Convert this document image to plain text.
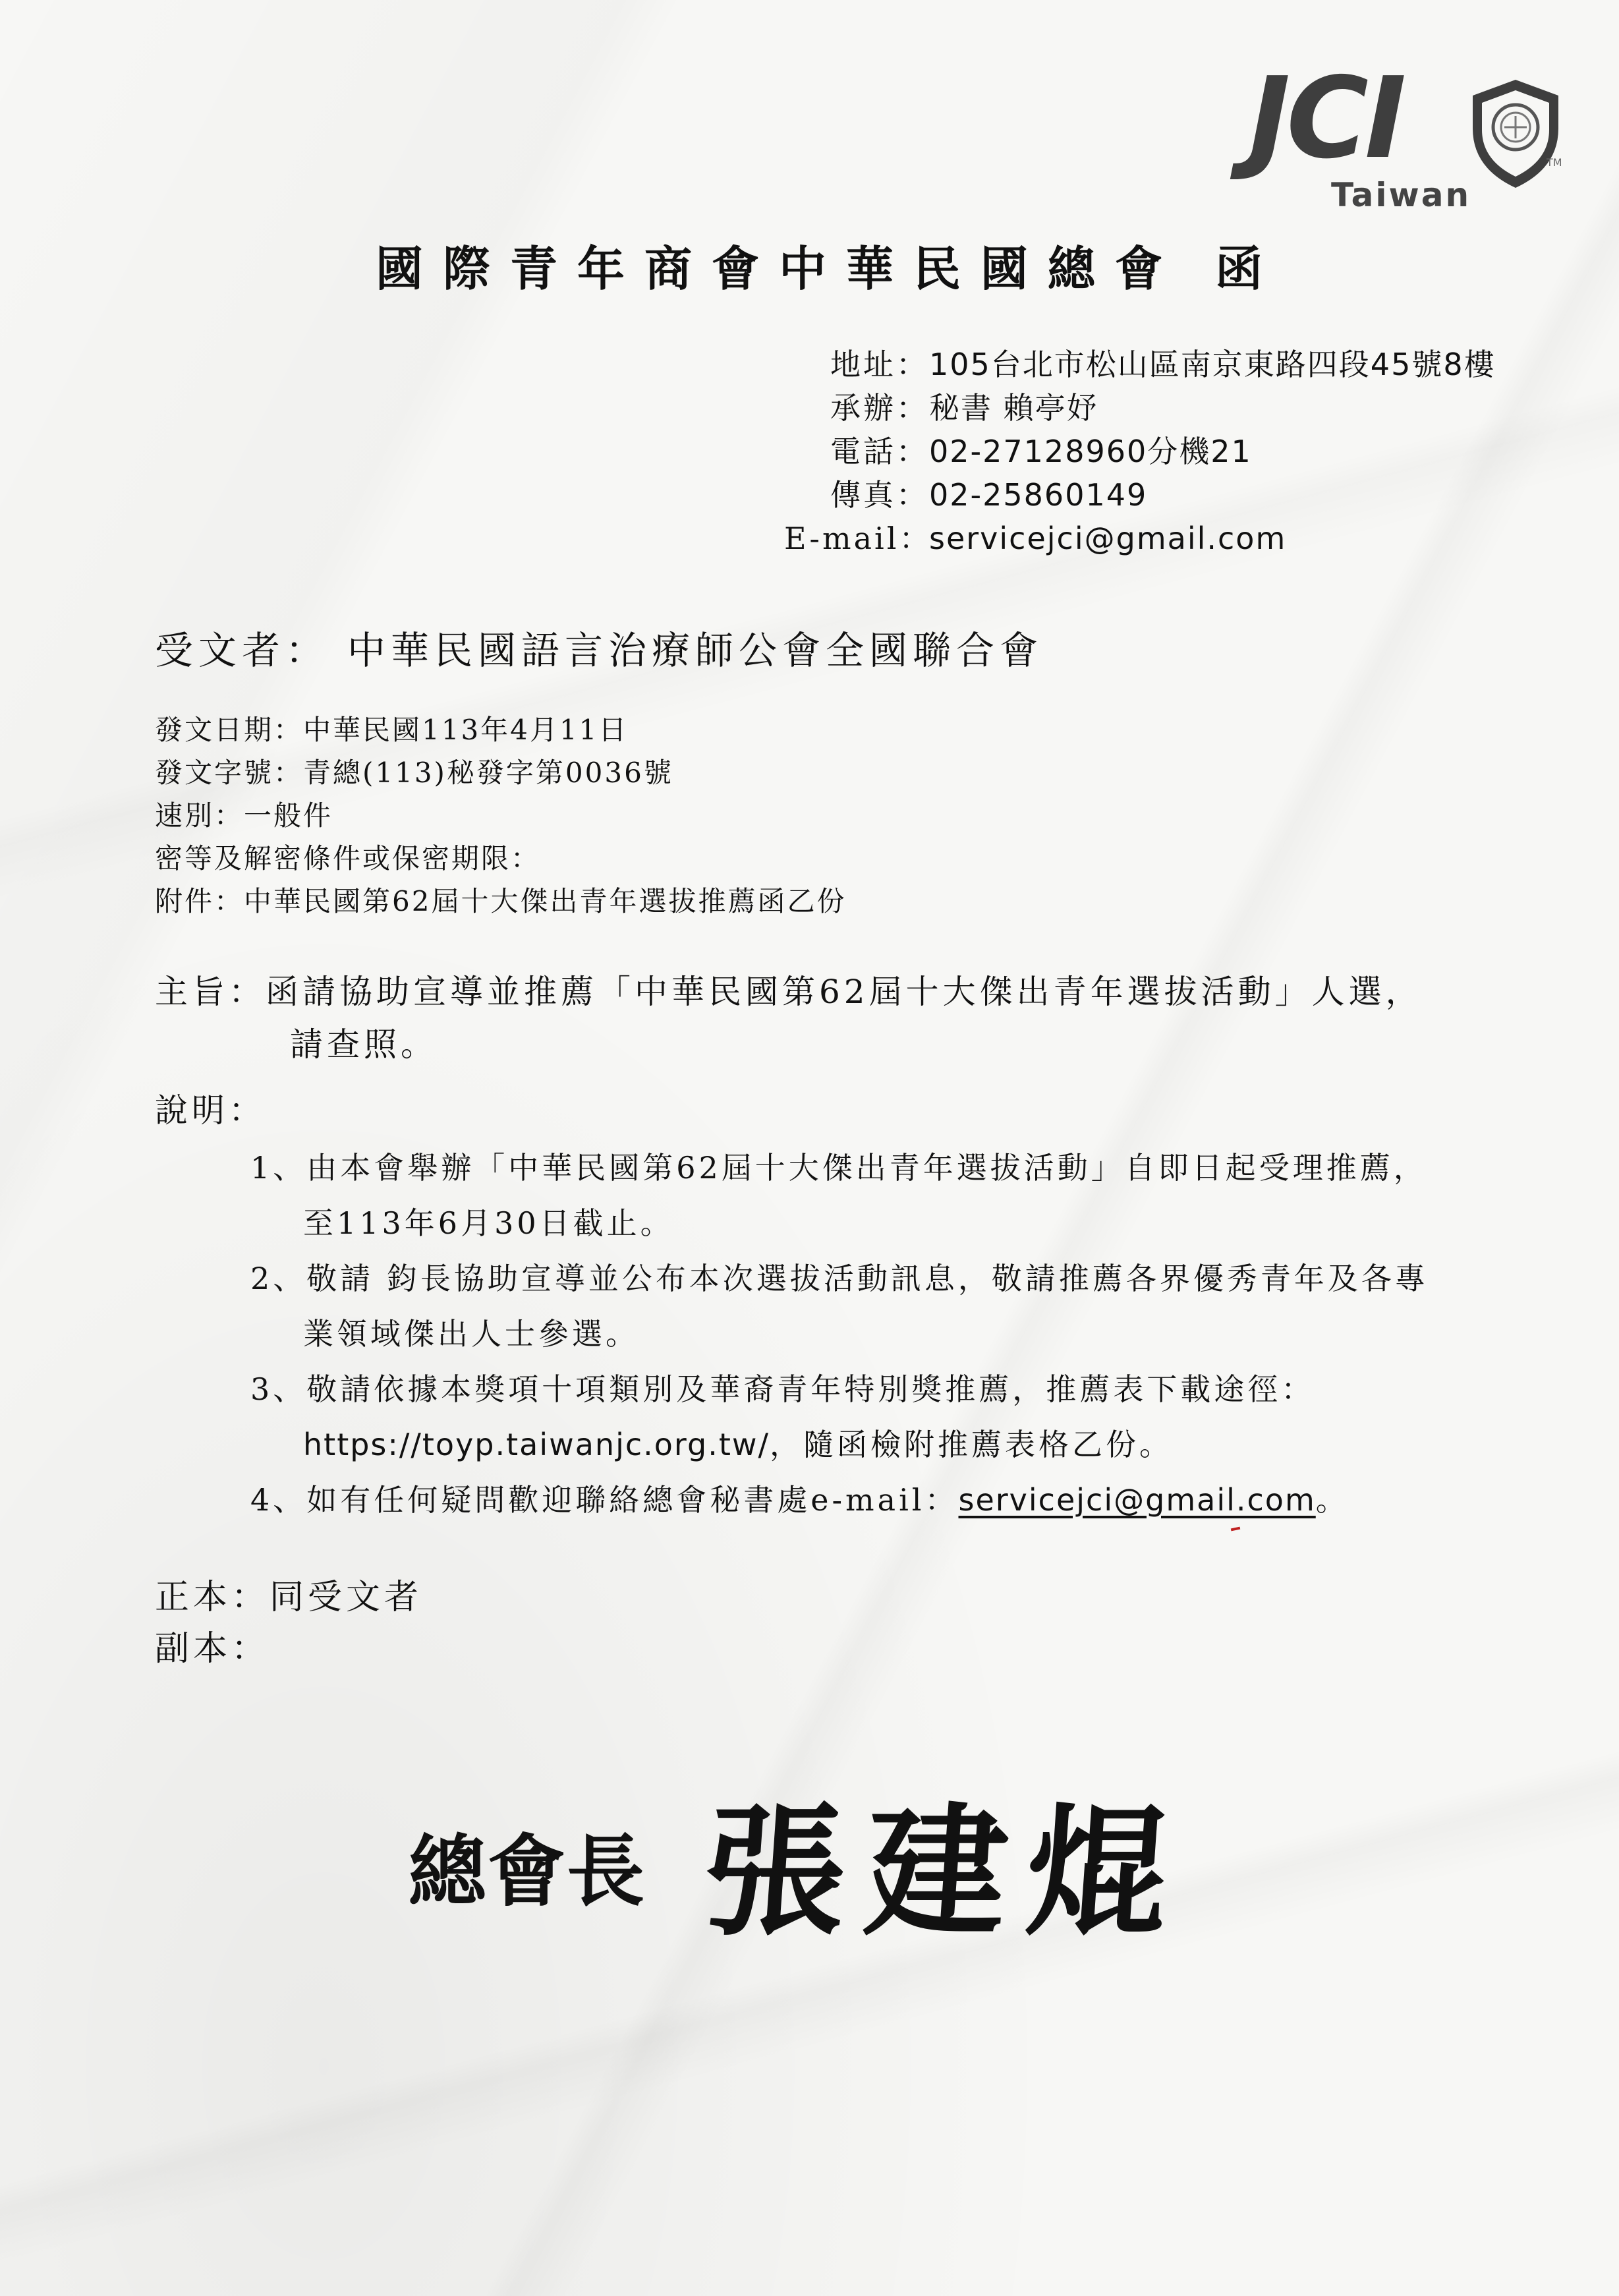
JCI	TM
Taiwan
國際青年商會中華民國總會 函
地址：105台北市松山區南京東路四段45號8樓
承辦：秘書 賴亭妤
電話：02-27128960分機21
傳真：02-25860149
E-mail：servicejci@gmail.com
受文者： 中華民國語言治療師公會全國聯合會
發文日期：中華民國113年4月11日
發文字號：青總(113)秘發字第0036號
速別：一般件
密等及解密條件或保密期限：
附件：中華民國第62屆十大傑出青年選拔推薦函乙份
主旨：函請協助宣導並推薦「中華民國第62屆十大傑出青年選拔活動」人選，
請查照。
說明：
1、由本會舉辦「中華民國第62屆十大傑出青年選拔活動」自即日起受理推薦，
至113年6月30日截止。
2、敬請 鈞長協助宣導並公布本次選拔活動訊息，敬請推薦各界優秀青年及各專
業領域傑出人士參選。
3、敬請依據本獎項十項類別及華裔青年特別獎推薦，推薦表下載途徑：
https://toyp.taiwanjc.org.tw/，隨函檢附推薦表格乙份。
4、如有任何疑問歡迎聯絡總會秘書處e-mail：servicejci@gmail.com。
正本：同受文者
副本：
總會長 張建焜
